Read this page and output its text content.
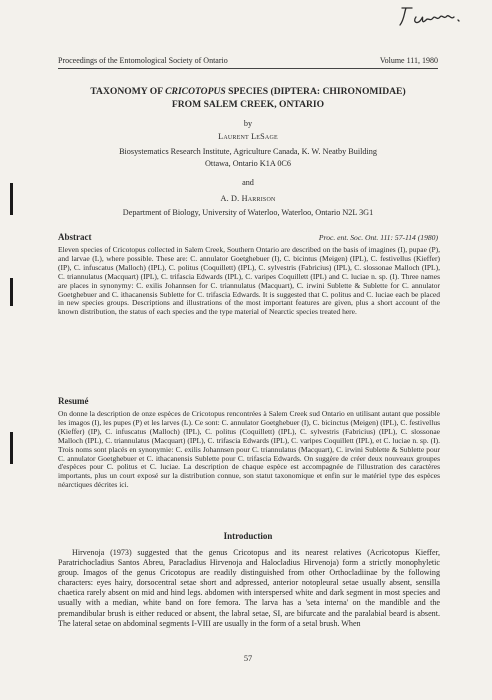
Proceedings of the Entomological Society of Ontario	Volume 111, 1980
TAXONOMY OF CRICOTOPUS SPECIES (DIPTERA: CHIRONOMIDAE)
FROM SALEM CREEK, ONTARIO
by
Laurent LeSage
Biosystematics Research Institute, Agriculture Canada, K. W. Neatby Building
Ottawa, Ontario K1A 0C6
and
A. D. Harrison
Department of Biology, University of Waterloo, Waterloo, Ontario N2L 3G1
Abstract	Proc. ent. Soc. Ont. 111: 57-114 (1980)
Eleven species of Cricotopus collected in Salem Creek, Southern Ontario are described on the basis of imagines (I), pupae (P), and larvae (L), where possible. These are: C. annulator Goetghebuer (I), C. bicintus (Meigen) (IPL), C. festivellus (Kieffer) (IP), C. infuscatus (Malloch) (IPL), C. politus (Coquillett) (IPL), C. sylvestris (Fabricius) (IPL), C. slossonae Malloch (IPL), C. triannulatus (Macquart) (IPL), C. trifascia Edwards (IPL), C. varipes Coquillett (IPL) and C. luciae n. sp. (I). Three names are places in synonymy: C. exilis Johannsen for C. triannulatus (Macquart), C. irwini Sublette & Sublette for C. annulator Goetghebuer and C. ithacanensis Sublette for C. trifascia Edwards. It is suggested that C. politus and C. luciae each be placed in new species groups. Descriptions and illustrations of the most important features are given, plus a short account of the known distribution, the status of each species and the type material of Nearctic species treated here.
Resumé
On donne la description de onze espèces de Cricotopus rencontrées à Salem Creek sud Ontario en utilisant autant que possible les imagos (I), les pupes (P) et les larves (L). Ce sont: C. annulator Goetghebuer (I), C. bicinctus (Meigen) (IPL), C. festivellus (Kieffer) (IP), C. infuscatus (Malloch) (IPL), C. politus (Coquillett) (IPL), C. sylvestris (Fabricius) (IPL), C. slossonae Malloch (IPL), C. triannulatus (Macquart) (IPL), C. trifascia Edwards (IPL), C. varipes Coquillett (IPL), et C. luciae n. sp. (I). Trois noms sont placés en synonymie: C. exilis Johannsen pour C. triannulatus (Macquart), C. irwini Sublette & Sublette pour C. annulator Goetghebuer et C. ithacanensis Sublette pour C. trifascia Edwards. On suggère de créer deux nouveaux groupes d'espèces pour C. politus et C. luciae. La description de chaque espèce est accompagnée de l'illustration des caractères importants, plus un court exposé sur la distribution connue, son statut taxonomique et enfin sur le matériel type des espèces néarctiques décrites ici.
Introduction
Hirvenoja (1973) suggested that the genus Cricotopus and its nearest relatives (Acricotopus Kieffer, Paratrichocladius Santos Abreu, Paracladius Hirvenoja and Halocladius Hirvenoja) form a strictly monophyletic group. Imagos of the genus Cricotopus are readily distinguished from other Orthocladiinae by the following characters: eyes hairy, dorsocentral setae short and adpressed, anterior notopleural setae usually absent, sensilla chaetica rarely absent on mid and hind legs. abdomen with interspersed white and dark segment in most species and usually with a median, white band on fore femora. The larva has a 'seta interna' on the mandible and the premandibular brush is either reduced or absent, the labral setae, SI, are bifurcate and the paralabial beard is absent. The lateral setae on abdominal segments I-VIII are usually in the form of a setal brush. When
57
